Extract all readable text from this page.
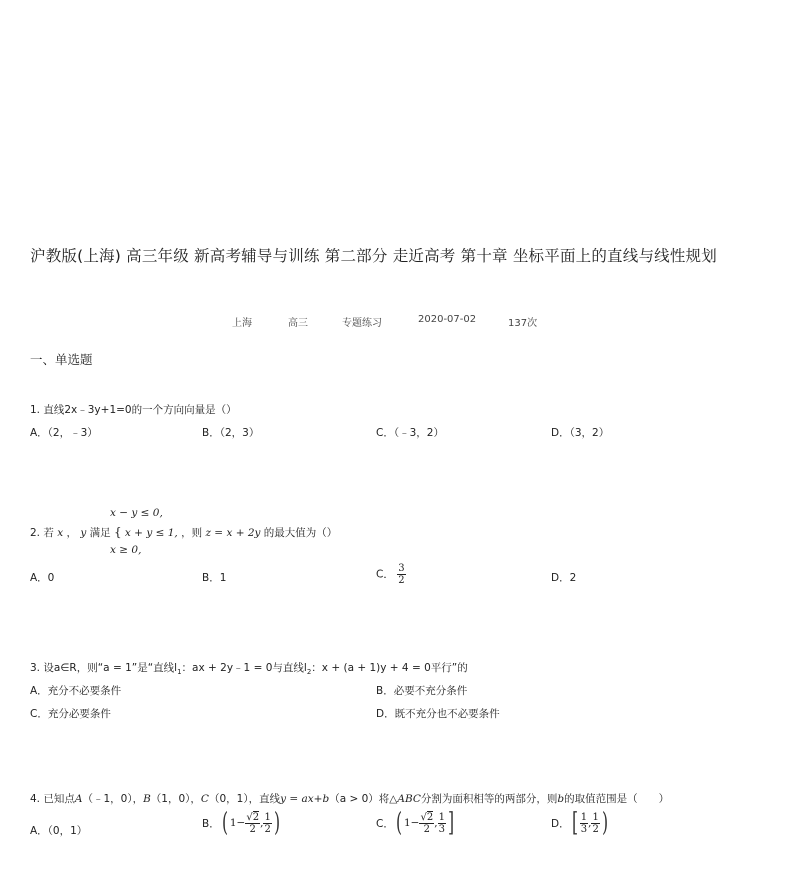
沪教版(上海) 高三年级 新高考辅导与训练 第二部分 走近高考 第十章 坐标平面上的直线与线性规划
上海	高三	专题练习	2020-07-02	137次
一、单选题
1. 直线2x﹣3y+1=0的一个方向向量是（）
A．（2，﹣3）	B．（2，3）	C．（﹣3，2）	D．（3，2）
x − y ≤ 0,
2. 若 x ， y 满足 { x + y ≤ 1, ，则 z = x + 2y 的最大值为（）
x ≥ 0,
A．0	B．1	C． $\frac{3}{2}$	D．2
3. 设a∈R，则“a = 1”是“直线$l_1$：ax + 2y﹣1 = 0与直线$l_2$：x + (a + 1)y + 4 = 0平行”的
A．充分不必要条件	B．必要不充分条件
C．充分必要条件	D．既不充分也不必要条件
4. 已知点A（﹣1，0），B（1，0），C（0，1），直线y = ax+b（a > 0）将△ABC分割为面积相等的两部分，则b的取值范围是（　　）
A．（0，1）
B． ( $1- \frac{√2}{2}$ , $\frac{1}{2}$ )	C． ( $1- \frac{√2}{2}$ , $\frac{1}{3}$ ]	D． [ $\frac{1}{3}$ , $\frac{1}{2}$ )
